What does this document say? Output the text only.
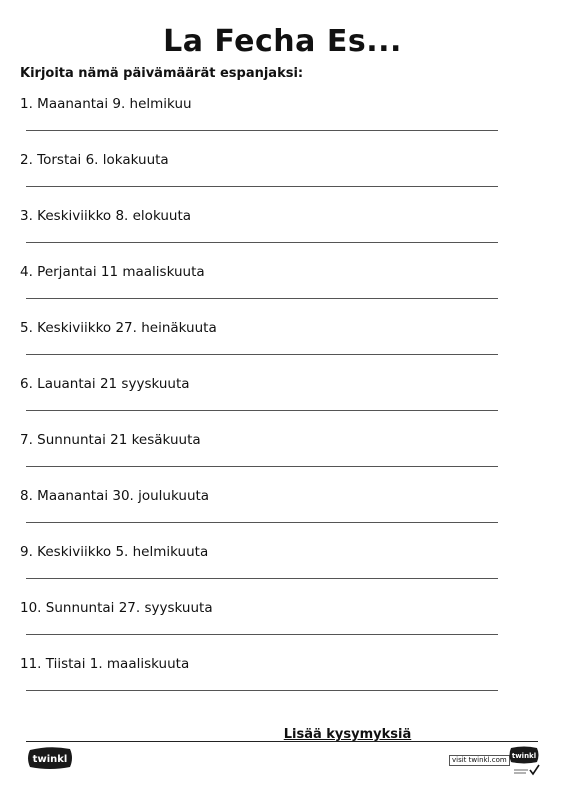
La Fecha Es...
Kirjoita nämä päivämäärät espanjaksi:
1. Maanantai 9. helmikuu
2. Torstai 6. lokakuuta
3. Keskiviikko 8. elokuuta
4. Perjantai 11 maaliskuuta
5. Keskiviikko 27. heinäkuuta
6. Lauantai 21 syyskuuta
7. Sunnuntai 21 kesäkuuta
8. Maanantai 30. joulukuuta
9. Keskiviikko 5. helmikuuta
10. Sunnuntai 27. syyskuuta
11. Tiistai 1. maaliskuuta
Lisää kysymyksiä
twinkl	visit twinkl.com twinkl
